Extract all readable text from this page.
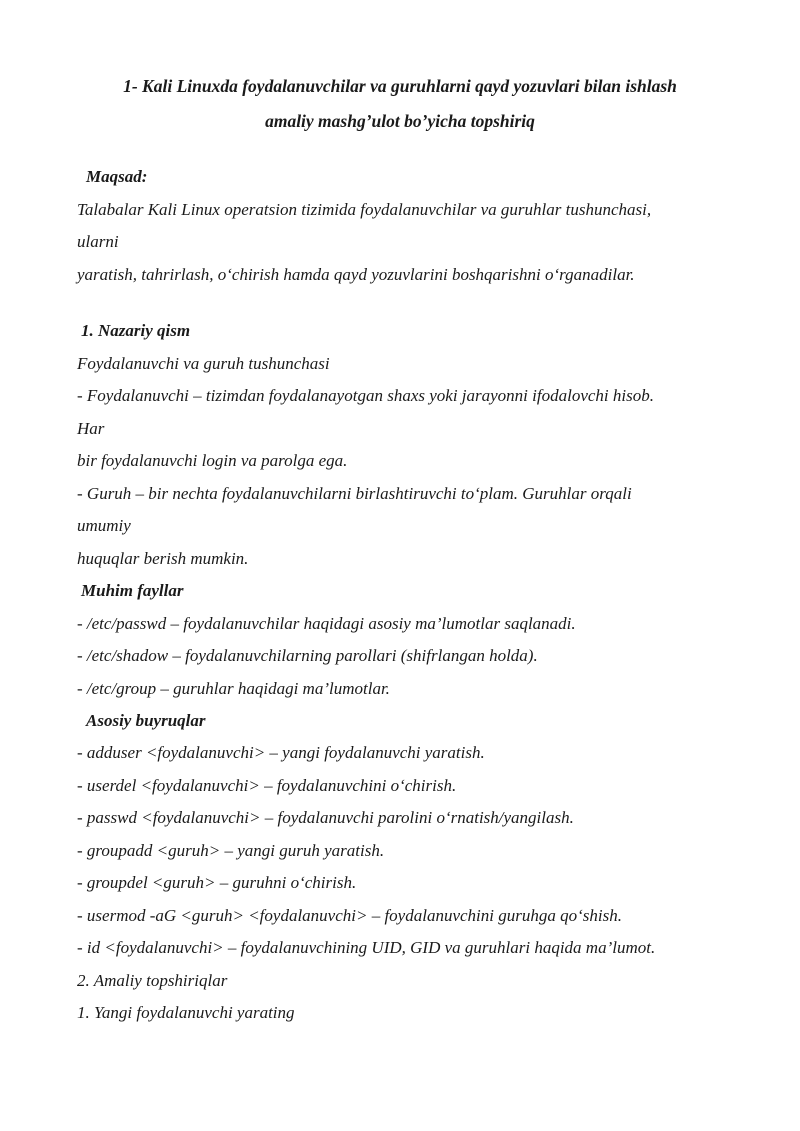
1- Kali Linuxda foydalanuvchilar va guruhlarni qayd yozuvlari bilan ishlash
amaliy mashg’ulot bo’yicha topshiriq
Maqsad:
Talabalar Kali Linux operatsion tizimida foydalanuvchilar va guruhlar tushunchasi,
ularni
yaratish, tahrirlash, o‘chirish hamda qayd yozuvlarini boshqarishni o‘rganadilar.
1. Nazariy qism
Foydalanuvchi va guruh tushunchasi
- Foydalanuvchi – tizimdan foydalanayotgan shaxs yoki jarayonni ifodalovchi hisob.
Har
bir foydalanuvchi login va parolga ega.
- Guruh – bir nechta foydalanuvchilarni birlashtiruvchi to‘plam. Guruhlar orqali
umumiy
huquqlar berish mumkin.
Muhim fayllar
- /etc/passwd – foydalanuvchilar haqidagi asosiy ma’lumotlar saqlanadi.
- /etc/shadow – foydalanuvchilarning parollari (shifrlangan holda).
- /etc/group – guruhlar haqidagi ma’lumotlar.
Asosiy buyruqlar
- adduser <foydalanuvchi> – yangi foydalanuvchi yaratish.
- userdel <foydalanuvchi> – foydalanuvchini o‘chirish.
- passwd <foydalanuvchi> – foydalanuvchi parolini o‘rnatish/yangilash.
- groupadd <guruh> – yangi guruh yaratish.
- groupdel <guruh> – guruhni o‘chirish.
- usermod -aG <guruh> <foydalanuvchi> – foydalanuvchini guruhga qo‘shish.
- id <foydalanuvchi> – foydalanuvchining UID, GID va guruhlari haqida ma’lumot.
2. Amaliy topshiriqlar
1. Yangi foydalanuvchi yarating
